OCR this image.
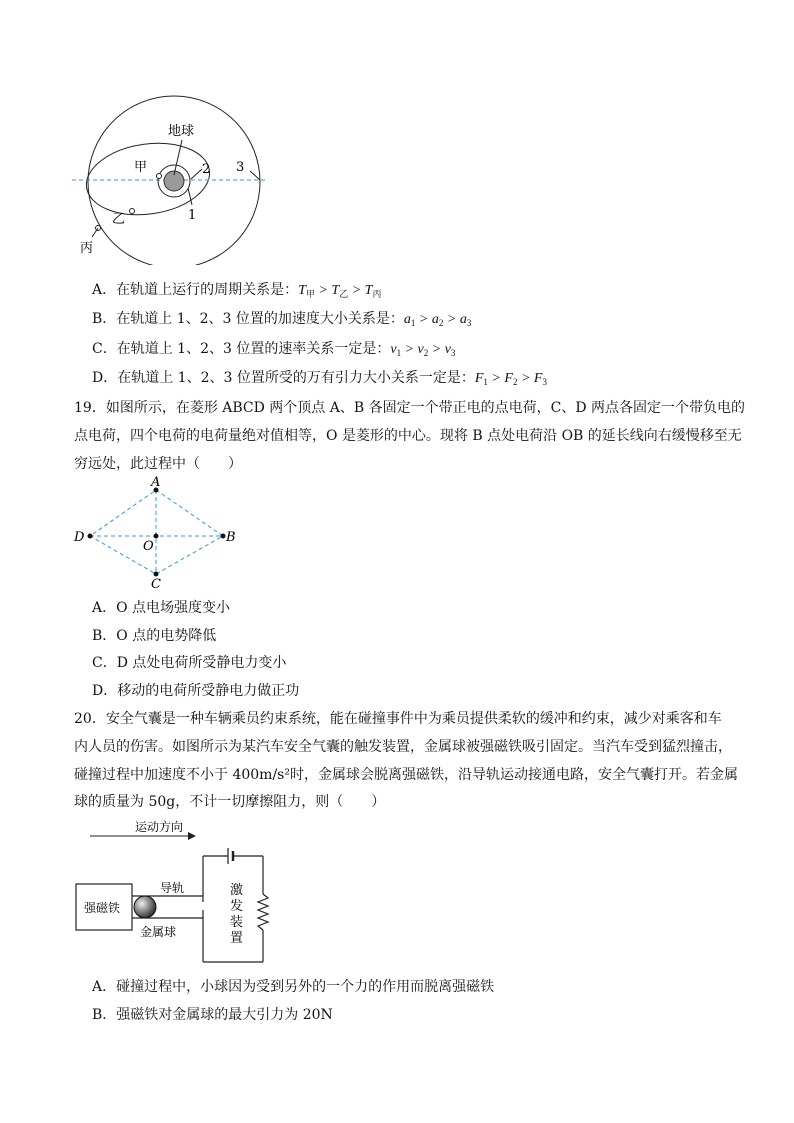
地球
甲
乙
丙
2
1
3
A．在轨道上运行的周期关系是：$T_甲 > T_乙 > T_丙$
B．在轨道上 1、2、3 位置的加速度大小关系是：$a_1 > a_2 > a_3$
C．在轨道上 1、2、3 位置的速率关系一定是：$v_1 > v_2 > v_3$
D．在轨道上 1、2、3 位置所受的万有引力大小关系一定是：$F_1 > F_2 > F_3$
19．如图所示，在菱形 ABCD 两个顶点 A、B 各固定一个带正电的点电荷，C、D 两点各固定一个带负电的
点电荷，四个电荷的电荷量绝对值相等，O 是菱形的中心。现将 B 点处电荷沿 OB 的延长线向右缓慢移至无
穷远处，此过程中（　　）
A
B
C
D
O
A．O 点电场强度变小
B．O 点的电势降低
C．D 点处电荷所受静电力变小
D．移动的电荷所受静电力做正功
20．安全气囊是一种车辆乘员约束系统，能在碰撞事件中为乘员提供柔软的缓冲和约束，减少对乘客和车
内人员的伤害。如图所示为某汽车安全气囊的触发装置，金属球被强磁铁吸引固定。当汽车受到猛烈撞击，
碰撞过程中加速度不小于 400m/s²时，金属球会脱离强磁铁，沿导轨运动接通电路，安全气囊打开。若金属
球的质量为 50g，不计一切摩擦阻力，则（　　）
运动方向
激
发
装
置
导轨
强磁铁
金属球
A．碰撞过程中，小球因为受到另外的一个力的作用而脱离强磁铁
B．强磁铁对金属球的最大引力为 20N
